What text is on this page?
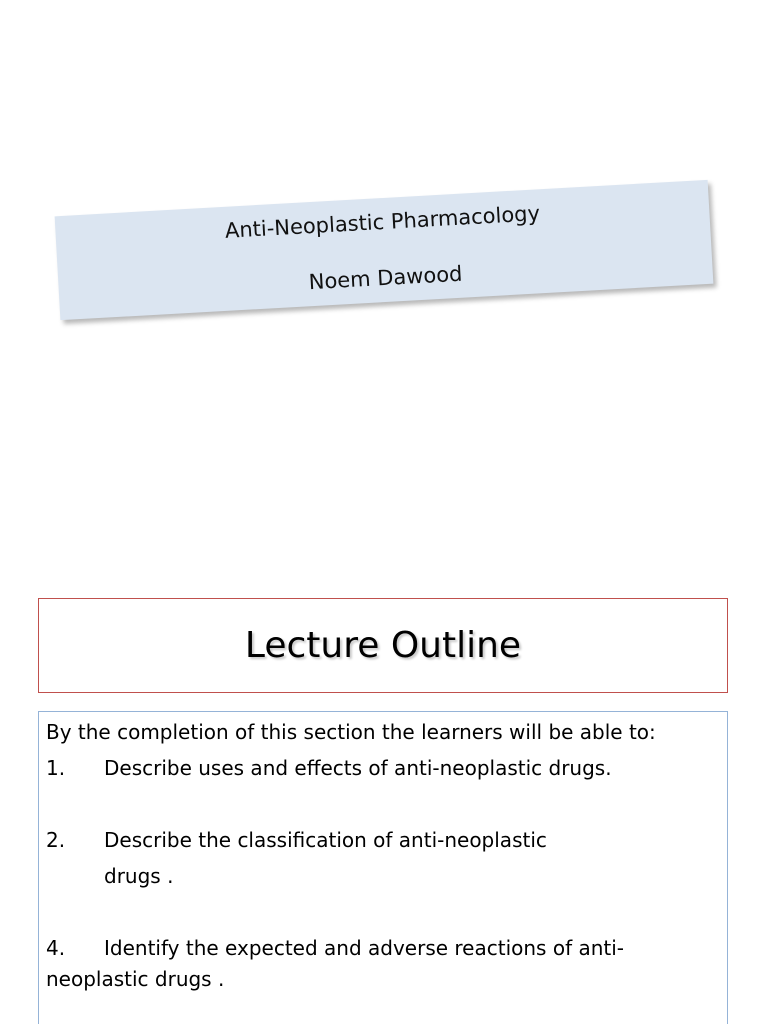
Anti-Neoplastic Pharmacology
Noem Dawood
Lecture Outline
By the completion of this section the learners will be able to:
1. Describe uses and effects of anti-neoplastic drugs.
2. Describe the classification of anti-neoplastic
drugs .
4. Identify the expected and adverse reactions of anti-
neoplastic drugs .
